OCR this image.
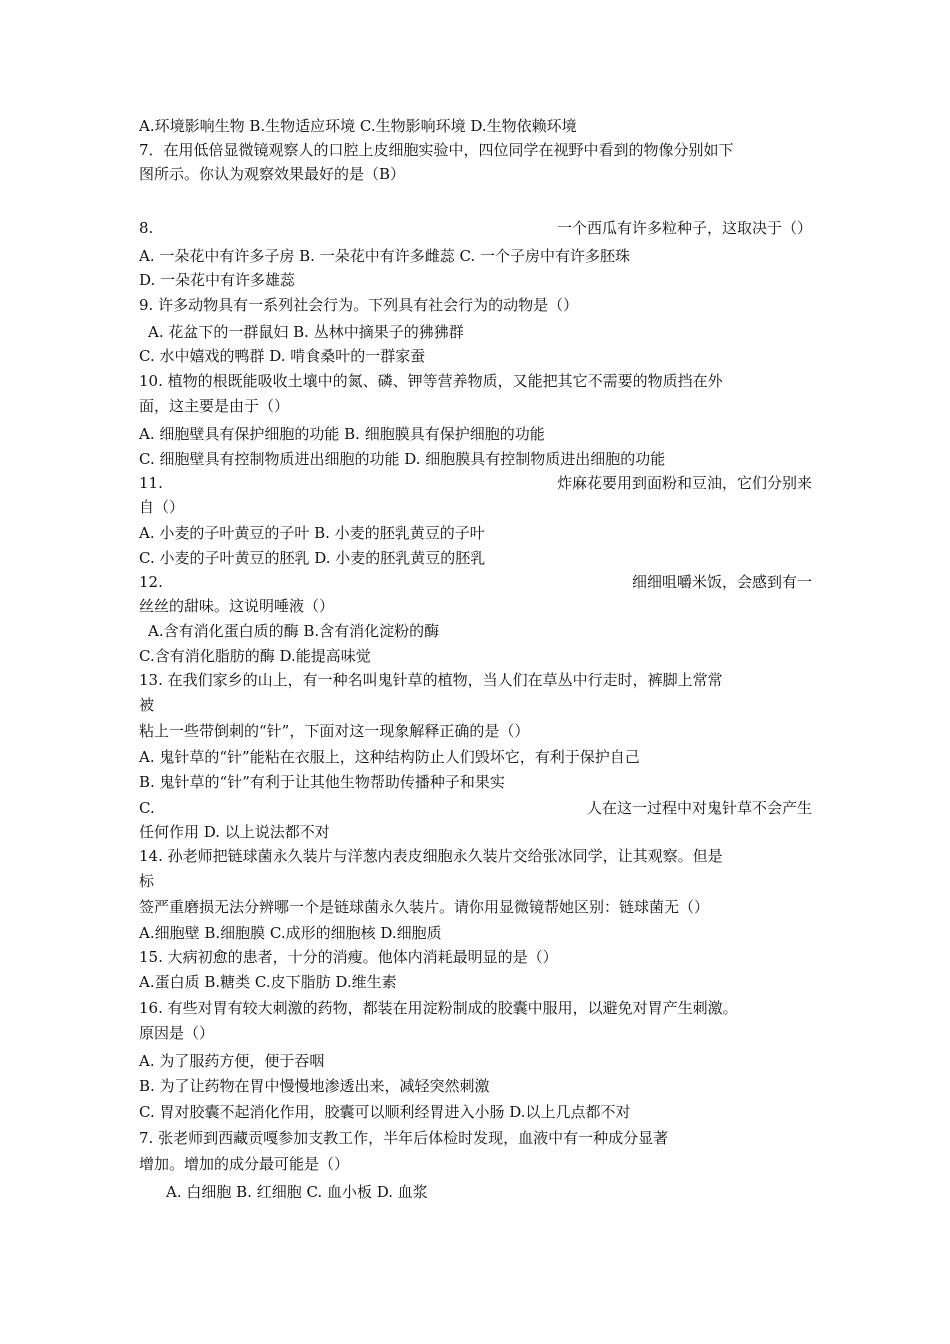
A.环境影响生物 B.生物适应环境 C.生物影响环境 D.生物依赖环境
7．在用低倍显微镜观察人的口腔上皮细胞实验中，四位同学在视野中看到的物像分别如下
图所示。你认为观察效果最好的是（B）
8.	一个西瓜有许多粒种子，这取决于（）
A. 一朵花中有许多子房 B. 一朵花中有许多雌蕊 C. 一个子房中有许多胚珠
D. 一朵花中有许多雄蕊
9. 许多动物具有一系列社会行为。下列具有社会行为的动物是（）
A. 花盆下的一群鼠妇 B. 丛林中摘果子的狒狒群
C. 水中嬉戏的鸭群 D. 啃食桑叶的一群家蚕
10. 植物的根既能吸收土壤中的氮、磷、钾等营养物质，又能把其它不需要的物质挡在外
面，这主要是由于（）
A. 细胞壁具有保护细胞的功能 B. 细胞膜具有保护细胞的功能
C. 细胞壁具有控制物质进出细胞的功能 D. 细胞膜具有控制物质进出细胞的功能
11.	炸麻花要用到面粉和豆油，它们分别来
自（）
A. 小麦的子叶黄豆的子叶 B. 小麦的胚乳黄豆的子叶
C. 小麦的子叶黄豆的胚乳 D. 小麦的胚乳黄豆的胚乳
12.	细细咀嚼米饭，会感到有一
丝丝的甜味。这说明唾液（）
A.含有消化蛋白质的酶 B.含有消化淀粉的酶
C.含有消化脂肪的酶 D.能提高味觉
13. 在我们家乡的山上，有一种名叫鬼针草的植物，当人们在草丛中行走时，裤脚上常常
被
粘上一些带倒刺的“针”，下面对这一现象解释正确的是（）
A. 鬼针草的“针”能粘在衣服上，这种结构防止人们毁坏它，有利于保护自己
B. 鬼针草的“针”有利于让其他生物帮助传播种子和果实
C.	人在这一过程中对鬼针草不会产生
任何作用 D. 以上说法都不对
14. 孙老师把链球菌永久装片与洋葱内表皮细胞永久装片交给张冰同学，让其观察。但是
标
签严重磨损无法分辨哪一个是链球菌永久装片。请你用显微镜帮她区别：链球菌无（）
A.细胞壁 B.细胞膜 C.成形的细胞核 D.细胞质
15. 大病初愈的患者，十分的消瘦。他体内消耗最明显的是（）
A.蛋白质 B.糖类 C.皮下脂肪 D.维生素
16. 有些对胃有较大刺激的药物，都装在用淀粉制成的胶囊中服用，以避免对胃产生刺激。
原因是（）
A. 为了服药方便，便于吞咽
B. 为了让药物在胃中慢慢地渗透出来，减轻突然刺激
C. 胃对胶囊不起消化作用，胶囊可以顺利经胃进入小肠 D.以上几点都不对
7. 张老师到西藏贡嘎参加支教工作，半年后体检时发现，血液中有一种成分显著
增加。增加的成分最可能是（）
A. 白细胞 B. 红细胞 C. 血小板 D. 血浆
